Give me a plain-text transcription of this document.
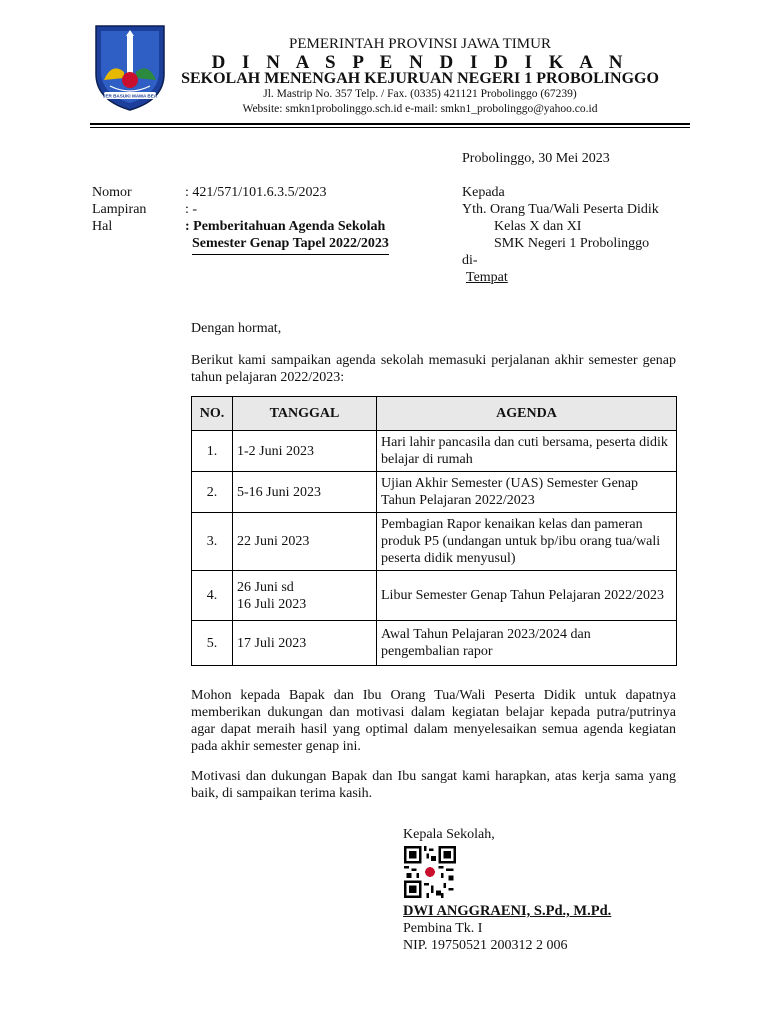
JER BASUKI MAWA BEA
PEMERINTAH PROVINSI JAWA TIMUR
D I N A S P E N D I D I K A N
SEKOLAH MENENGAH KEJURUAN NEGERI 1 PROBOLINGGO
Jl. Mastrip No. 357 Telp. / Fax. (0335) 421121 Probolinggo (67239)
Website: smkn1probolinggo.sch.id e-mail: smkn1_probolinggo@yahoo.co.id
Probolinggo, 30 Mei 2023
Nomor	: 421/571/101.6.3.5/2023
Lampiran	: -
Hal	: Pemberitahuan Agenda Sekolah
Semester Genap Tapel 2022/2023
Kepada
Yth. Orang Tua/Wali Peserta Didik
Kelas X dan XI
SMK Negeri 1 Probolinggo
di-
Tempat
Dengan hormat,
Berikut kami sampaikan agenda sekolah memasuki perjalanan akhir semester genap tahun pelajaran 2022/2023:
NO.	TANGGAL	AGENDA
1.	1-2 Juni 2023	Hari lahir pancasila dan cuti bersama, peserta didik belajar di rumah
2.	5-16 Juni 2023	Ujian Akhir Semester (UAS) Semester Genap Tahun Pelajaran 2022/2023
3.	22 Juni 2023	Pembagian Rapor kenaikan kelas dan pameran produk P5 (undangan untuk bp/ibu orang tua/wali peserta didik menyusul)
4.	26 Juni sd
16 Juli 2023	Libur Semester Genap Tahun Pelajaran 2022/2023
5.	17 Juli 2023	Awal Tahun Pelajaran 2023/2024 dan pengembalian rapor
Mohon kepada Bapak dan Ibu Orang Tua/Wali Peserta Didik untuk dapatnya memberikan dukungan dan motivasi dalam kegiatan belajar kepada putra/putrinya agar dapat meraih hasil yang optimal dalam menyelesaikan semua agenda kegiatan pada akhir semester genap ini.
Motivasi dan dukungan Bapak dan Ibu sangat kami harapkan, atas kerja sama yang baik, di sampaikan terima kasih.
Kepala Sekolah,
DWI ANGGRAENI, S.Pd., M.Pd.
Pembina Tk. I
NIP. 19750521 200312 2 006
